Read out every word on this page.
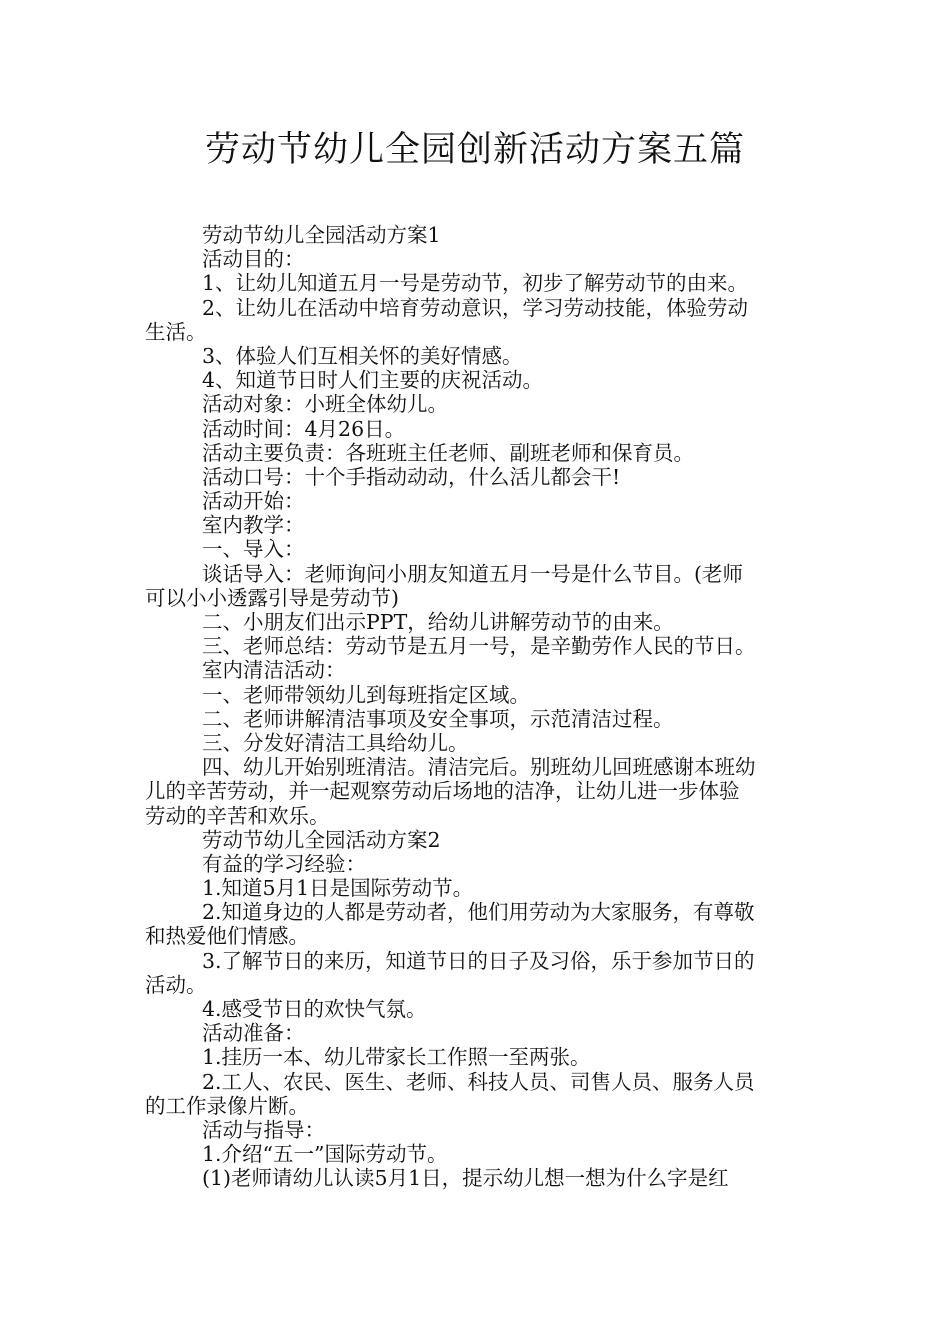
劳动节幼儿全园创新活动方案五篇
劳动节幼儿全园活动方案1
活动目的：
1、让幼儿知道五月一号是劳动节，初步了解劳动节的由来。
2、让幼儿在活动中培育劳动意识，学习劳动技能，体验劳动
生活。
3、体验人们互相关怀的美好情感。
4、知道节日时人们主要的庆祝活动。
活动对象：小班全体幼儿。
活动时间：4月26日。
活动主要负责：各班班主任老师、副班老师和保育员。
活动口号：十个手指动动动，什么活儿都会干!
活动开始：
室内教学：
一、导入：
谈话导入：老师询问小朋友知道五月一号是什么节目。(老师
可以小小透露引导是劳动节)
二、小朋友们出示PPT，给幼儿讲解劳动节的由来。
三、老师总结：劳动节是五月一号，是辛勤劳作人民的节日。
室内清洁活动：
一、老师带领幼儿到每班指定区域。
二、老师讲解清洁事项及安全事项，示范清洁过程。
三、分发好清洁工具给幼儿。
四、幼儿开始别班清洁。清洁完后。别班幼儿回班感谢本班幼
儿的辛苦劳动，并一起观察劳动后场地的洁净，让幼儿进一步体验
劳动的辛苦和欢乐。
劳动节幼儿全园活动方案2
有益的学习经验：
1.知道5月1日是国际劳动节。
2.知道身边的人都是劳动者，他们用劳动为大家服务，有尊敬
和热爱他们情感。
3.了解节日的来历，知道节日的日子及习俗，乐于参加节日的
活动。
4.感受节日的欢快气氛。
活动准备：
1.挂历一本、幼儿带家长工作照一至两张。
2.工人、农民、医生、老师、科技人员、司售人员、服务人员
的工作录像片断。
活动与指导：
1.介绍“五一”国际劳动节。
(1)老师请幼儿认读5月1日，提示幼儿想一想为什么字是红
